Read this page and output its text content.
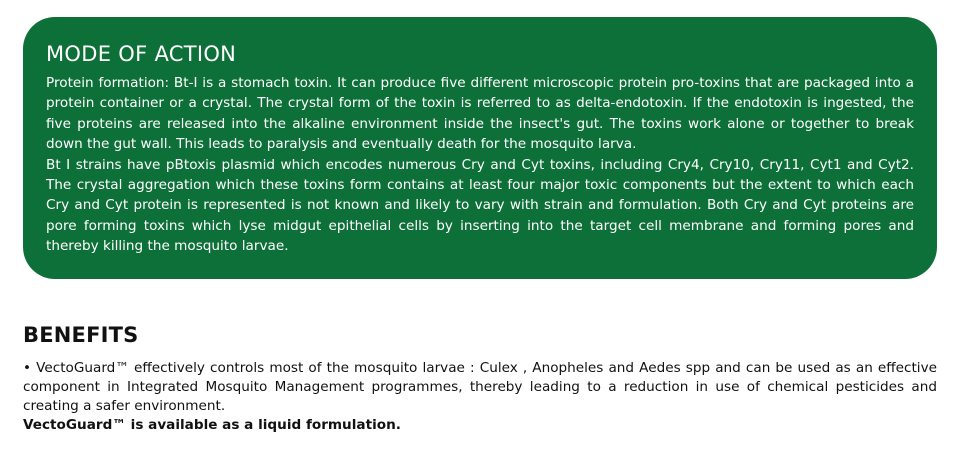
MODE OF ACTION

Protein formation: Bt-I is a stomach toxin. It can produce five different microscopic protein pro-toxins that are packaged into a protein container or a crystal. The crystal form of the toxin is referred to as delta-endotoxin. If the endotoxin is ingested, the five proteins are released into the alkaline environment inside the insect's gut. The toxins work alone or together to break down the gut wall. This leads to paralysis and eventually death for the mosquito larva.

Bt I strains have pBtoxis plasmid which encodes numerous Cry and Cyt toxins, including Cry4, Cry10, Cry11, Cyt1 and Cyt2. The crystal aggregation which these toxins form contains at least four major toxic components but the extent to which each Cry and Cyt protein is represented is not known and likely to vary with strain and formulation. Both Cry and Cyt proteins are pore forming toxins which lyse midgut epithelial cells by inserting into the target cell membrane and forming pores and thereby killing the mosquito larvae.

BENEFITS

• VectoGuard™ effectively controls most of the mosquito larvae : Culex , Anopheles and Aedes spp and can be used as an effective component in Integrated Mosquito Management programmes, thereby leading to a reduction in use of chemical pesticides and creating a safer environment.

VectoGuard™ is available as a liquid formulation.
